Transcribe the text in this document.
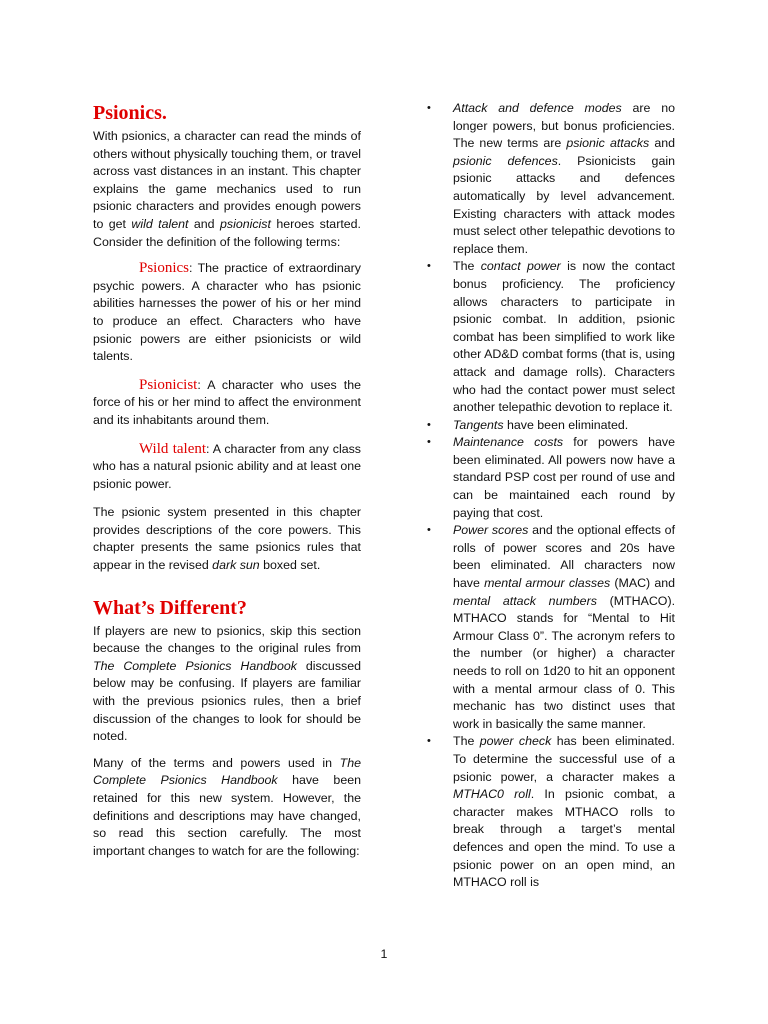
Psionics.

With psionics, a character can read the minds of others without physically touching them, or travel across vast distances in an instant. This chapter explains the game mechanics used to run psionic characters and provides enough powers to get wild talent and psionicist heroes started. Consider the definition of the following terms:

Psionics: The practice of extraordinary psychic powers. A character who has psionic abilities harnesses the power of his or her mind to produce an effect. Characters who have psionic powers are either psionicists or wild talents.

Psionicist: A character who uses the force of his or her mind to affect the environment and its inhabitants around them.

Wild talent: A character from any class who has a natural psionic ability and at least one psionic power.

The psionic system presented in this chapter provides descriptions of the core powers. This chapter presents the same psionics rules that appear in the revised dark sun boxed set.

What’s Different?

If players are new to psionics, skip this section because the changes to the original rules from The Complete Psionics Handbook discussed below may be confusing. If players are familiar with the previous psionics rules, then a brief discussion of the changes to look for should be noted.

Many of the terms and powers used in The Complete Psionics Handbook have been retained for this new system. However, the definitions and descriptions may have changed, so read this section carefully. The most important changes to watch for are the following:

•	Attack and defence modes are no longer powers, but bonus proficiencies. The new terms are psionic attacks and psionic defences. Psionicists gain psionic attacks and defences automatically by level advancement. Existing characters with attack modes must select other telepathic devotions to replace them.
•	The contact power is now the contact bonus proficiency. The proficiency allows characters to participate in psionic combat. In addition, psionic combat has been simplified to work like other AD&D combat forms (that is, using attack and damage rolls). Characters who had the contact power must select another telepathic devotion to replace it.
•	Tangents have been eliminated.
•	Maintenance costs for powers have been eliminated. All powers now have a standard PSP cost per round of use and can be maintained each round by paying that cost.
•	Power scores and the optional effects of rolls of power scores and 20s have been eliminated. All characters now have mental armour classes (MAC) and mental attack numbers (MTHACO). MTHACO stands for “Mental to Hit Armour Class 0”. The acronym refers to the number (or higher) a character needs to roll on 1d20 to hit an opponent with a mental armour class of 0. This mechanic has two distinct uses that work in basically the same manner.
•	The power check has been eliminated. To determine the successful use of a psionic power, a character makes a MTHAC0 roll. In psionic combat, a character makes MTHACO rolls to break through a target’s mental defences and open the mind. To use a psionic power on an open mind, an MTHACO roll is
1
